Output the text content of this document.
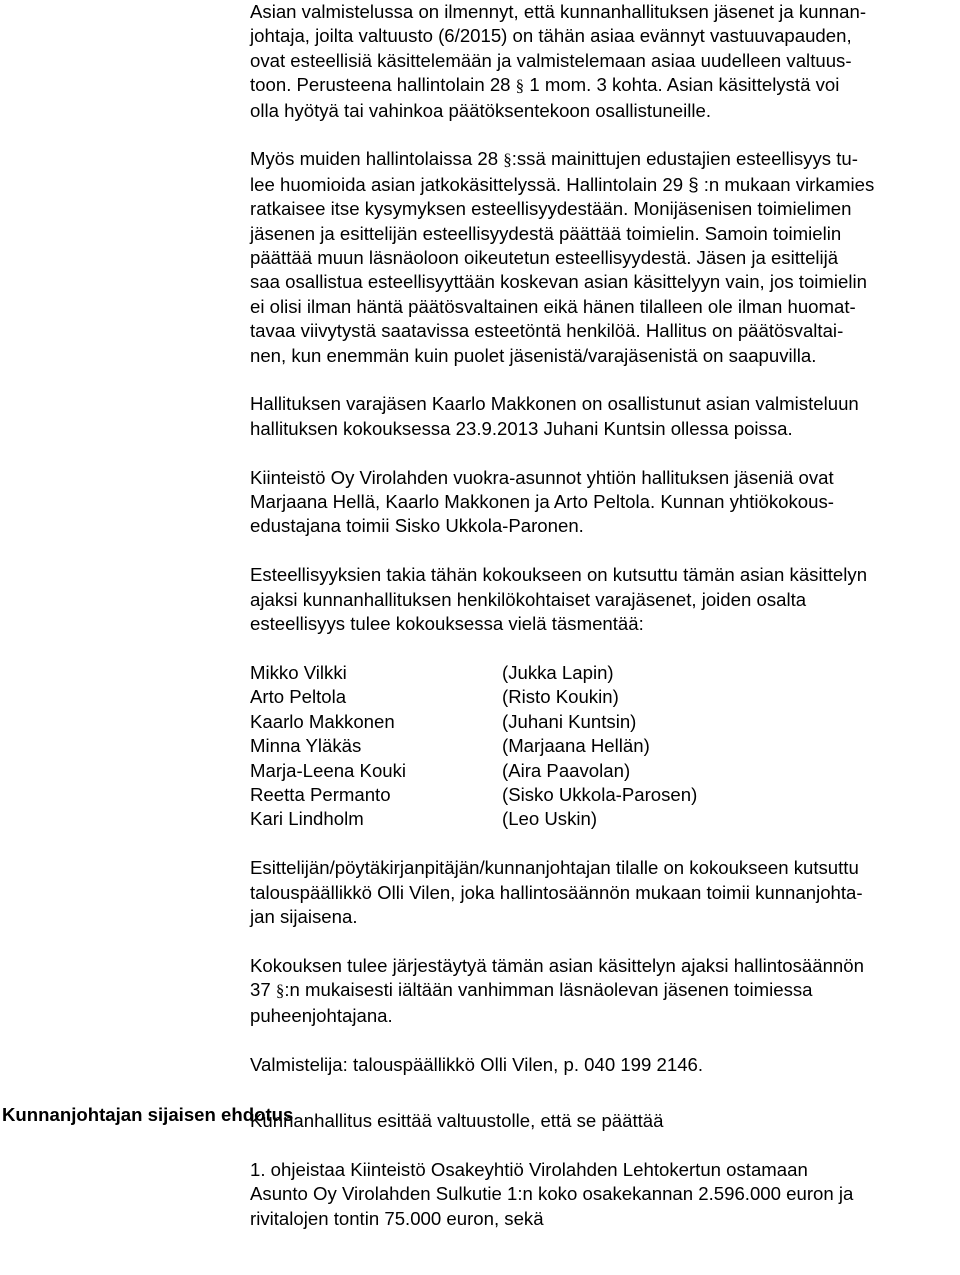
Kunnanjohtajan sijaisen ehdotus

Asian valmistelussa on ilmennyt, että kunnanhallituksen jäsenet ja kunnan-
johtaja, joilta valtuusto (6/2015) on tähän asiaa evännyt vastuuvapauden,
ovat esteellisiä käsittelemään ja valmistelemaan asiaa uudelleen valtuus-
toon. Perusteena hallintolain 28 § 1 mom. 3 kohta. Asian käsittelystä voi
olla hyötyä tai vahinkoa päätöksentekoon osallistuneille.

Myös muiden hallintolaissa 28 §:ssä mainittujen edustajien esteellisyys tu-
lee huomioida asian jatkokäsittelyssä. Hallintolain 29 § :n mukaan virkamies
ratkaisee itse kysymyksen esteellisyydestään. Monijäsenisen toimielimen
jäsenen ja esittelijän esteellisyydestä päättää toimielin. Samoin toimielin
päättää muun läsnäoloon oikeutetun esteellisyydestä. Jäsen ja esittelijä
saa osallistua esteellisyyttään koskevan asian käsittelyyn vain, jos toimielin
ei olisi ilman häntä päätösvaltainen eikä hänen tilalleen ole ilman huomat-
tavaa viivytystä saatavissa esteetöntä henkilöä. Hallitus on päätösvaltai-
nen, kun enemmän kuin puolet jäsenistä/varajäsenistä on saapuvilla.

Hallituksen varajäsen Kaarlo Makkonen on osallistunut asian valmisteluun
hallituksen kokouksessa 23.9.2013 Juhani Kuntsin ollessa poissa.

Kiinteistö Oy Virolahden vuokra-asunnot yhtiön hallituksen jäseniä ovat
Marjaana Hellä, Kaarlo Makkonen ja Arto Peltola. Kunnan yhtiökokous-
edustajana toimii Sisko Ukkola-Paronen.

Esteellisyyksien takia tähän kokoukseen on kutsuttu tämän asian käsittelyn
ajaksi kunnanhallituksen henkilökohtaiset varajäsenet, joiden osalta
esteellisyys tulee kokouksessa vielä täsmentää:

Mikko Vilkki
Arto Peltola
Kaarlo Makkonen
Minna Yläkäs
Marja-Leena Kouki
Reetta Permanto
Kari Lindholm
(Jukka Lapin)
(Risto Koukin)
(Juhani Kuntsin)
(Marjaana Hellän)
(Aira Paavolan)
(Sisko Ukkola-Parosen)
(Leo Uskin)

Esittelijän/pöytäkirjanpitäjän/kunnanjohtajan tilalle on kokoukseen kutsuttu
talouspäällikkö Olli Vilen, joka hallintosäännön mukaan toimii kunnanjohta-
jan sijaisena.

Kokouksen tulee järjestäytyä tämän asian käsittelyn ajaksi hallintosäännön
37 §:n mukaisesti iältään vanhimman läsnäolevan jäsenen toimiessa
puheenjohtajana.

Valmistelija: talouspäällikkö Olli Vilen, p. 040 199 2146.

Kunnanhallitus esittää valtuustolle, että se päättää

1. ohjeistaa Kiinteistö Osakeyhtiö Virolahden Lehtokertun ostamaan
Asunto Oy Virolahden Sulkutie 1:n koko osakekannan 2.596.000 euron ja
rivitalojen tontin 75.000 euron, sekä
